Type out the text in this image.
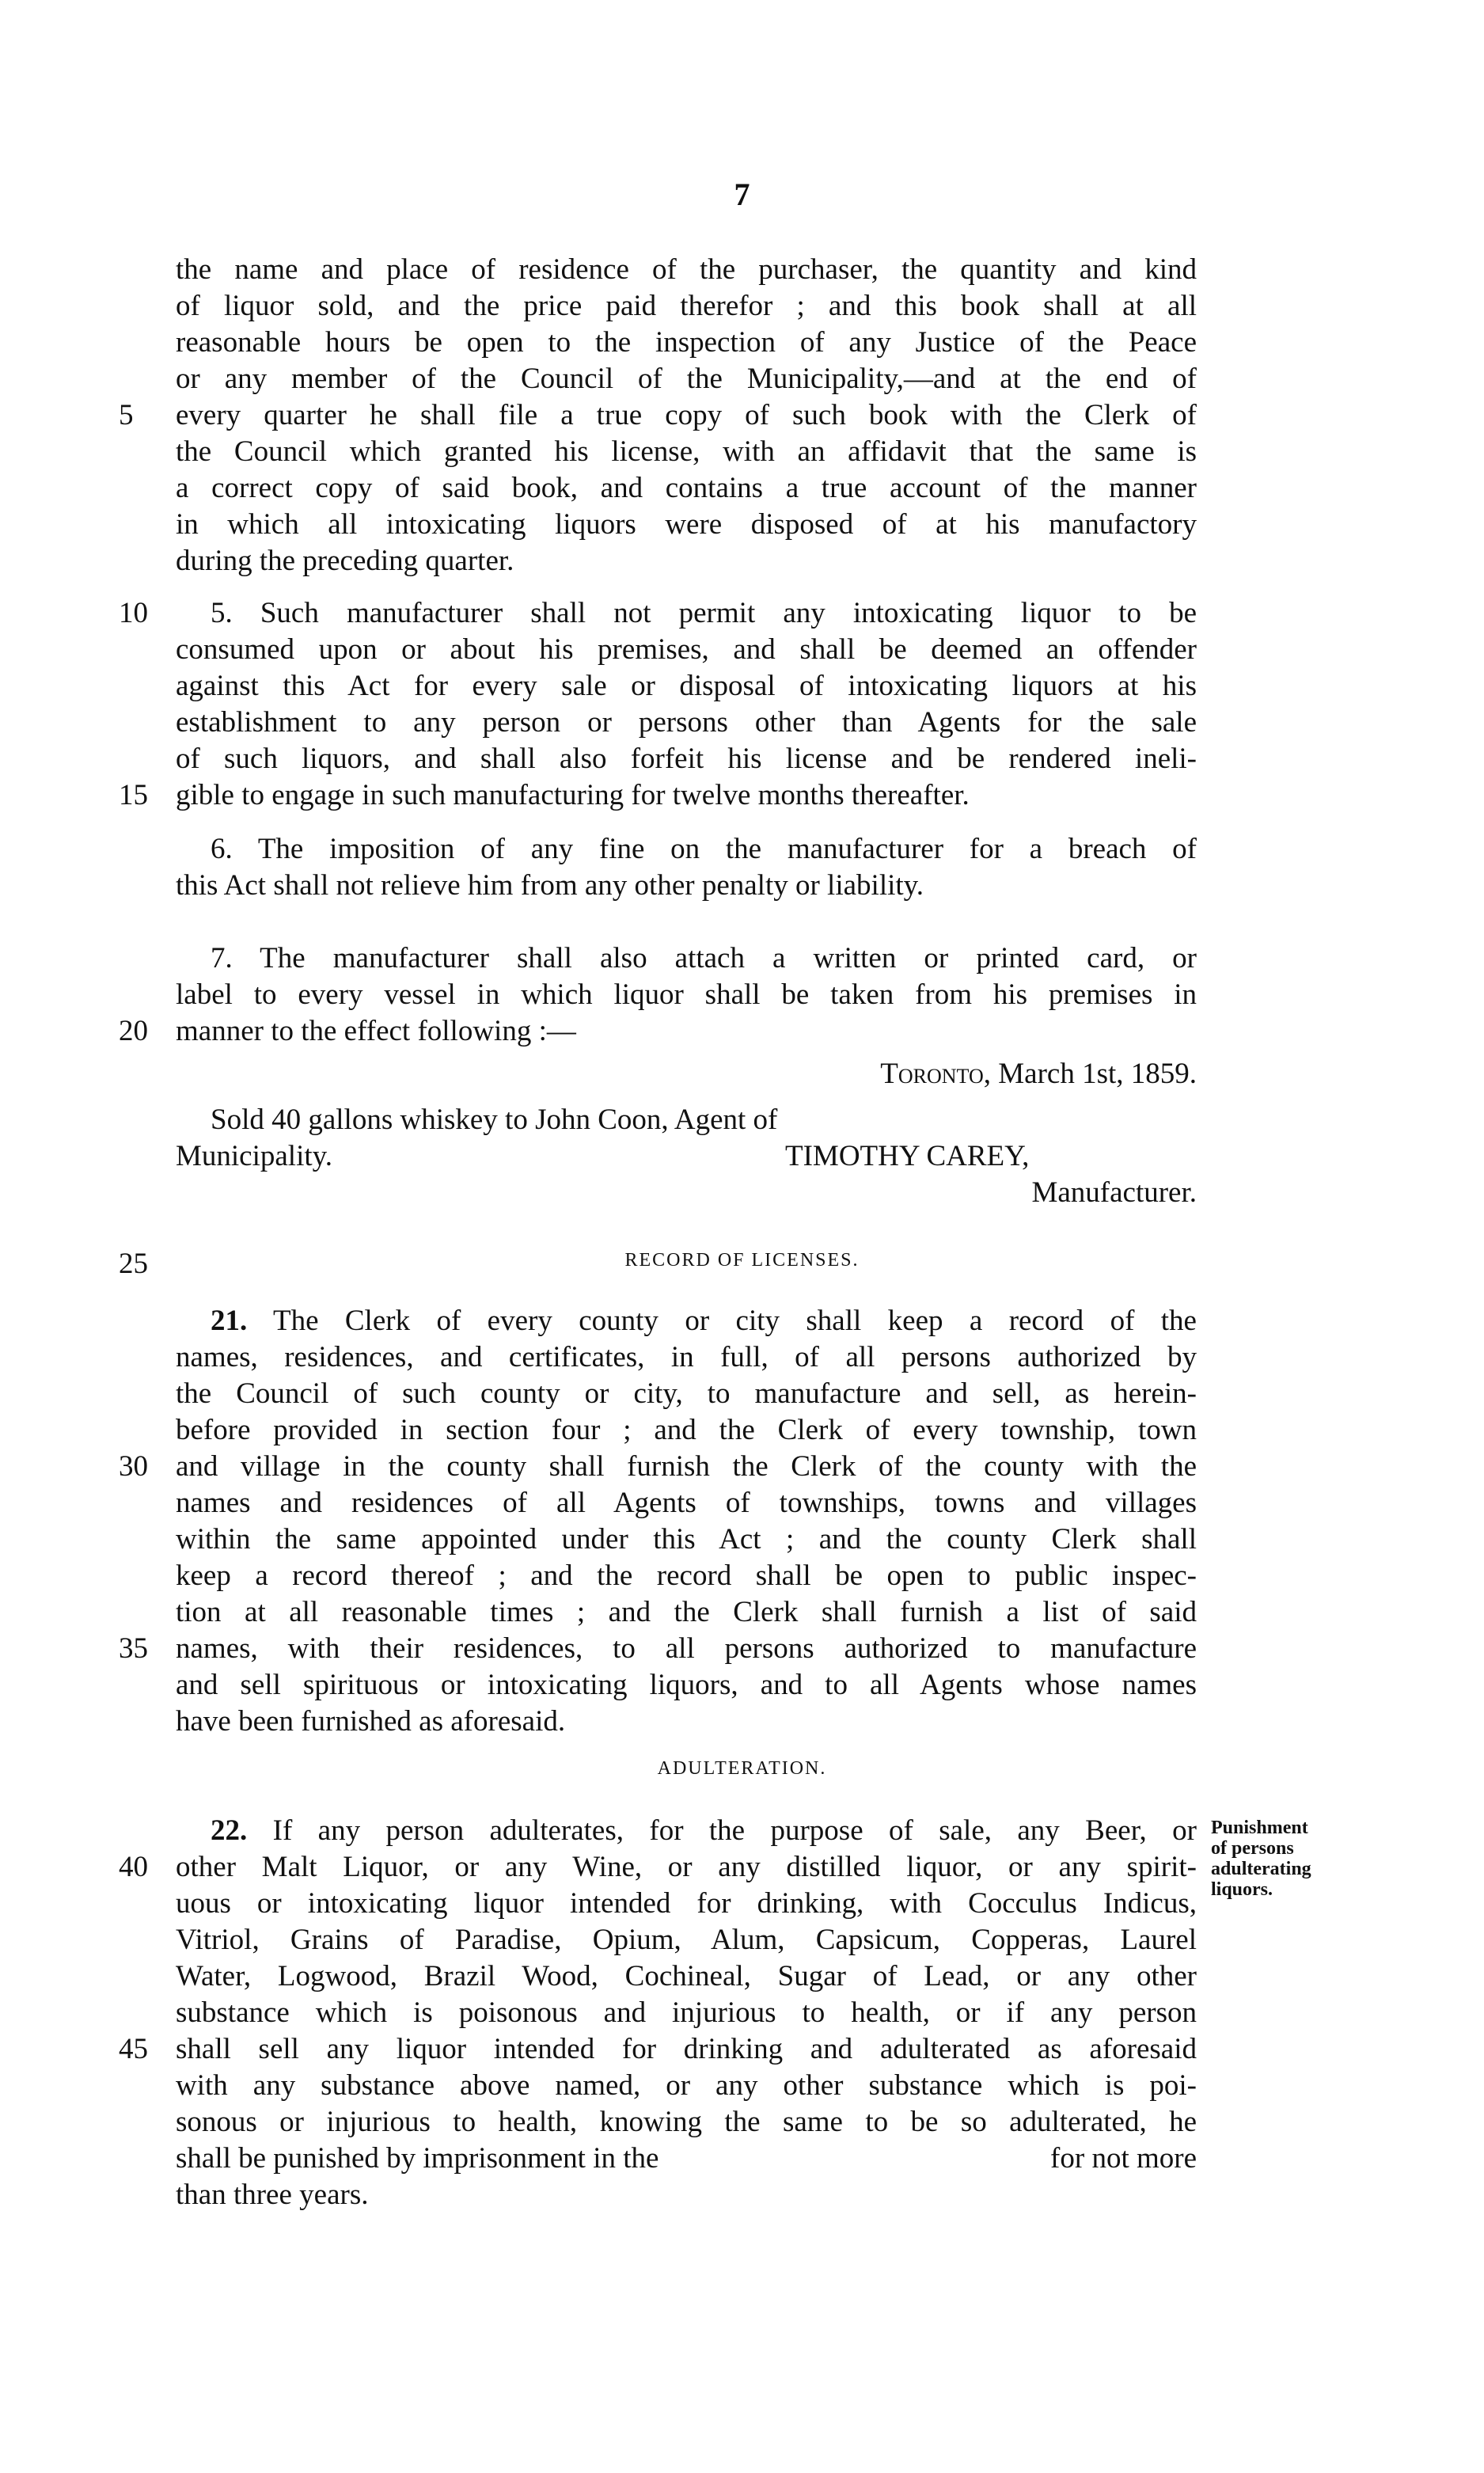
7
the name and place of residence of the purchaser, the quantity and kind
of liquor sold, and the price paid therefor ; and this book shall at all
reasonable hours be open to the inspection of any Justice of the Peace
or any member of the Council of the Municipality,—and at the end of
every quarter he shall file a true copy of such book with the Clerk of
the Council which granted his license, with an affidavit that the same is
a correct copy of said book, and contains a true account of the manner
in which all intoxicating liquors were disposed of at his manufactory
during the preceding quarter.
5. Such manufacturer shall not permit any intoxicating liquor to be
consumed upon or about his premises, and shall be deemed an offender
against this Act for every sale or disposal of intoxicating liquors at his
establishment to any person or persons other than Agents for the sale
of such liquors, and shall also forfeit his license and be rendered ineli-
gible to engage in such manufacturing for twelve months thereafter.
6. The imposition of any fine on the manufacturer for a breach of
this Act shall not relieve him from any other penalty or liability.
7. The manufacturer shall also attach a written or printed card, or
label to every vessel in which liquor shall be taken from his premises in
manner to the effect following :—
Toronto, March 1st, 1859.
Sold 40 gallons whiskey to John Coon, Agent of
Municipality.	TIMOTHY CAREY,
Manufacturer.
RECORD OF LICENSES.
21. The Clerk of every county or city shall keep a record of the
names, residences, and certificates, in full, of all persons authorized by
the Council of such county or city, to manufacture and sell, as herein-
before provided in section four ; and the Clerk of every township, town
and village in the county shall furnish the Clerk of the county with the
names and residences of all Agents of townships, towns and villages
within the same appointed under this Act ; and the county Clerk shall
keep a record thereof ; and the record shall be open to public inspec-
tion at all reasonable times ; and the Clerk shall furnish a list of said
names, with their residences, to all persons authorized to manufacture
and sell spirituous or intoxicating liquors, and to all Agents whose names
have been furnished as aforesaid.
ADULTERATION.
22. If any person adulterates, for the purpose of sale, any Beer, or
other Malt Liquor, or any Wine, or any distilled liquor, or any spirit-
uous or intoxicating liquor intended for drinking, with Cocculus Indicus,
Vitriol, Grains of Paradise, Opium, Alum, Capsicum, Copperas, Laurel
Water, Logwood, Brazil Wood, Cochineal, Sugar of Lead, or any other
substance which is poisonous and injurious to health, or if any person
shall sell any liquor intended for drinking and adulterated as aforesaid
with any substance above named, or any other substance which is poi-
sonous or injurious to health, knowing the same to be so adulterated, he
shall be punished by imprisonment in the	for not more
than three years.
Punishment
of persons
adulterating
liquors.
5
10
15
20
25
30
35
40
45
